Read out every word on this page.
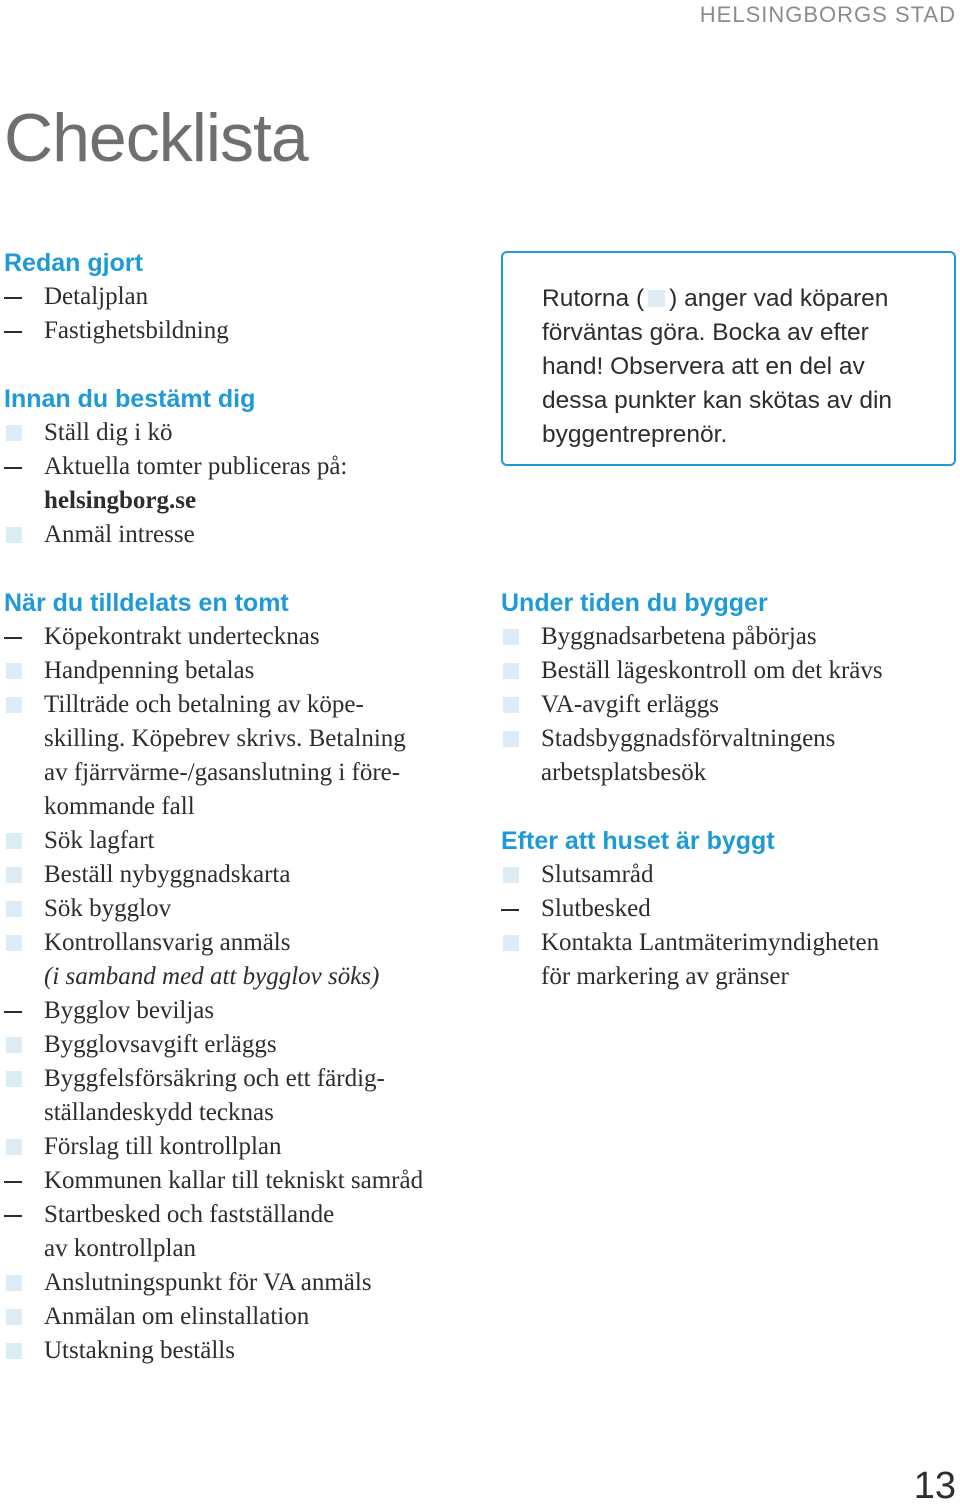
HELSINGBORGS STAD
Checklista
Redan gjort
Detaljplan
Fastighetsbildning
Innan du bestämt dig
Ställ dig i kö
Aktuella tomter publiceras på:
helsingborg.se
Anmäl intresse
Rutorna ( ) anger vad köparen förväntas göra. Bocka av efter hand! Observera att en del av dessa punkter kan skötas av din byggentreprenör.
När du tilldelats en tomt
Köpekontrakt undertecknas
Handpenning betalas
Tillträde och betalning av köpe-
skilling. Köpebrev skrivs. Betalning
av fjärrvärme-/gasanslutning i före-
kommande fall
Sök lagfart
Beställ nybyggnadskarta
Sök bygglov
Kontrollansvarig anmäls
(i samband med att bygglov söks)
Bygglov beviljas
Bygglovsavgift erläggs
Byggfelsförsäkring och ett färdig-
ställandeskydd tecknas
Förslag till kontrollplan
Kommunen kallar till tekniskt samråd
Startbesked och fastställande
av kontrollplan
Anslutningspunkt för VA anmäls
Anmälan om elinstallation
Utstakning beställs
Under tiden du bygger
Byggnadsarbetena påbörjas
Beställ lägeskontroll om det krävs
VA-avgift erläggs
Stadsbyggnadsförvaltningens
arbetsplatsbesök
Efter att huset är byggt
Slutsamråd
Slutbesked
Kontakta Lantmäterimyndigheten
för markering av gränser
13
